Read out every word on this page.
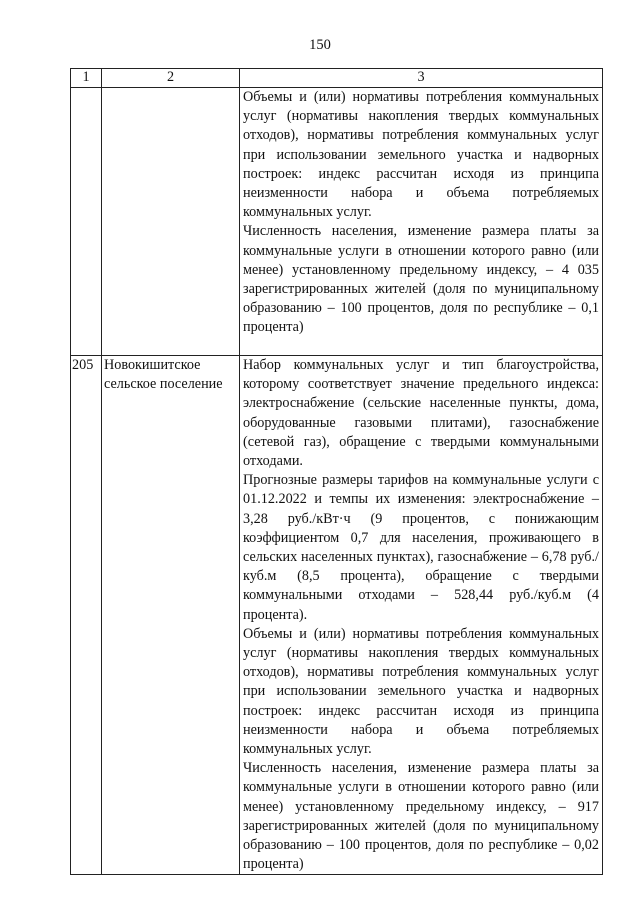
150
1	2	3

		Объемы и (или) нормативы потребления коммунальных услуг (нормативы накопления твердых коммунальных отходов), нормативы потребления коммунальных услуг при использовании земельного участка и надворных построек: индекс рассчитан исходя из принципа неизменности набора и объема потребляемых коммунальных услуг.

Численность населения, изменение размера платы за коммунальные услуги в отношении которого равно (или менее) установленному предельному индексу, – 4 035 зарегистрированных жителей (доля по муниципальному образованию – 100 процентов, доля по республике – 0,1 процента)

205	Новокишитское сельское поселение	Набор коммунальных услуг и тип благоустройства, которому соответствует значение предельного индекса: электроснабжение (сельские населенные пункты, дома, оборудованные газовыми плитами), газоснабжение (сетевой газ), обращение с твердыми коммунальными отходами.

Прогнозные размеры тарифов на коммунальные услуги с 01.12.2022 и темпы их изменения: электроснабжение – 3,28 руб./кВт·ч (9 процентов, с понижающим коэффициентом 0,7 для населения, проживающего в сельских населенных пунктах), газоснабжение – 6,78 руб./куб.м (8,5 процента), обращение с твердыми коммунальными отходами – 528,44 руб./куб.м (4 процента).

Объемы и (или) нормативы потребления коммунальных услуг (нормативы накопления твердых коммунальных отходов), нормативы потребления коммунальных услуг при использовании земельного участка и надворных построек: индекс рассчитан исходя из принципа неизменности набора и объема потребляемых коммунальных услуг.

Численность населения, изменение размера платы за коммунальные услуги в отношении которого равно (или менее) установленному предельному индексу, – 917 зарегистрированных жителей (доля по муниципальному образованию – 100 процентов, доля по республике – 0,02 процента)
